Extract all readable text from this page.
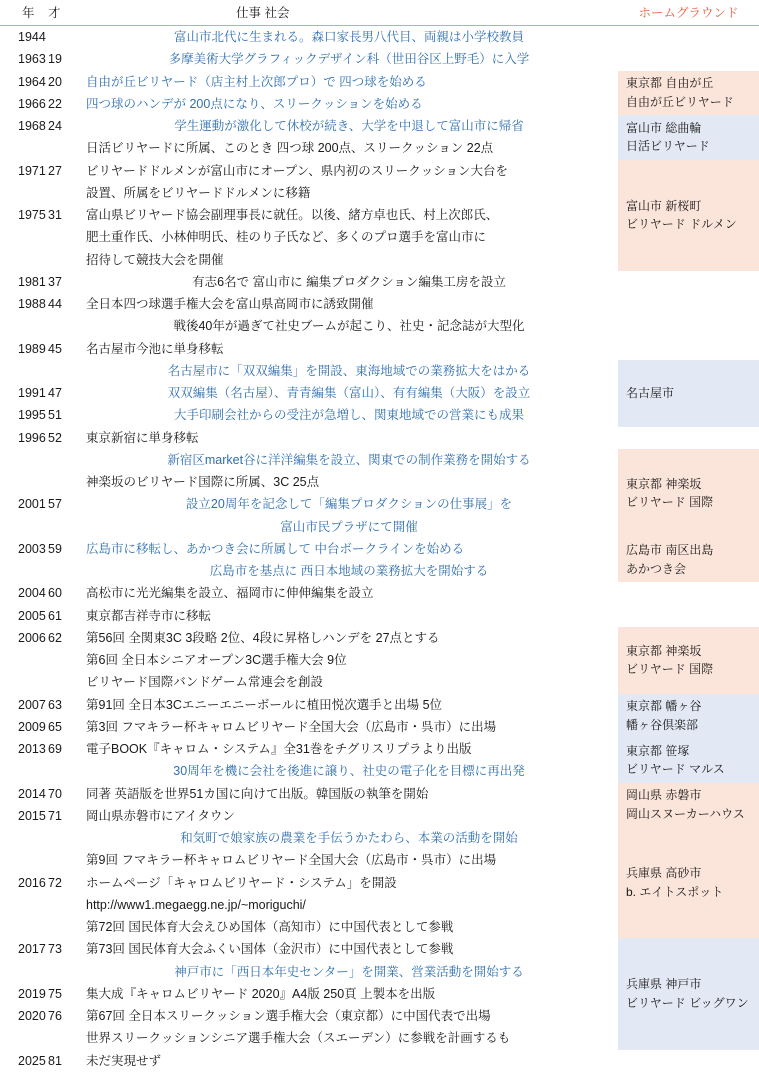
年	才	仕事 社会	ホームグラウンド
1944		富山市北代に生まれる。森口家長男八代目、両親は小学校教員	

1963	19	多摩美術大学グラフィックデザイン科（世田谷区上野毛）に入学	
1964	20	自由が丘ビリヤード（店主村上次郎プロ）で 四つ球を始める	東京都 自由が丘
自由が丘ビリヤード

1966	22	四つ球のハンデが 200点になり、スリークッションを始める	
1968	24	学生運動が激化して休校が続き、大学を中退して富山市に帰省	富山市 総曲輪
日活ビリヤード

		日活ビリヤードに所属、このとき 四つ球 200点、スリークッション 22点	
1971	27	ビリヤードドルメンが富山市にオープン、県内初のスリークッション大台を	富山市 新桜町
ビリヤード ドルメン

		設置、所属をビリヤードドルメンに移籍	
1975	31	富山県ビリヤード協会副理事長に就任。以後、緒方卓也氏、村上次郎氏、	
		肥土重作氏、小林伸明氏、桂のり子氏など、多くのプロ選手を富山市に	
		招待して競技大会を開催	
1981	37	有志6名で 富山市に 編集プロダクション編集工房を設立	

1988	44	全日本四つ球選手権大会を富山県高岡市に誘致開催	
		戦後40年が過ぎて社史ブームが起こり、社史・記念誌が大型化	
1989	45	名古屋市今池に単身移転	
		名古屋市に「双双編集」を開設、東海地域での業務拡大をはかる	名古屋市

1991	47	双双編集（名古屋）、青青編集（富山）、有有編集（大阪）を設立	
1995	51	大手印刷会社からの受注が急増し、関東地域での営業にも成果	
1996	52	東京新宿に単身移転	

		新宿区market谷に洋洋編集を設立、関東での制作業務を開始する	東京都 神楽坂
ビリヤード 国際

		神楽坂のビリヤード国際に所属、3C 25点	
2001	57	設立20周年を記念して「編集プロダクションの仕事展」を	
		富山市民プラザにて開催	
2003	59	広島市に移転し、あかつき会に所属して 中台ボークラインを始める	広島市 南区出島
あかつき会

		広島市を基点に 西日本地域の業務拡大を開始する	
2004	60	高松市に光光編集を設立、福岡市に伸伸編集を設立	

2005	61	東京都吉祥寺市に移転	
2006	62	第56回 全関東3C 3段略 2位、4段に昇格しハンデを 27点とする	東京都 神楽坂
ビリヤード 国際

		第6回 全日本シニアオープン3C選手権大会 9位	
		ビリヤード国際バンドゲーム常連会を創設	
2007	63	第91回 全日本3Cエニーエニーボールに植田悦次選手と出場 5位	東京都 幡ヶ谷
幡ヶ谷倶楽部

2009	65	第3回 フマキラー杯キャロムビリヤード全国大会（広島市・呉市）に出場	
2013	69	電子BOOK『キャロム・システム』全31巻をチグリスリプラより出版	東京都 笹塚
ビリヤード マルス

		30周年を機に会社を後進に譲り、社史の電子化を目標に再出発	
2014	70	同著 英語版を世界51カ国に向けて出版。韓国版の執筆を開始	岡山県 赤磐市
岡山スヌーカーハウス

2015	71	岡山県赤磐市にアイタウン	
		和気町で娘家族の農業を手伝うかたわら、本業の活動を開始	兵庫県 高砂市
b. エイトスポット

		第9回 フマキラー杯キャロムビリヤード全国大会（広島市・呉市）に出場	
2016	72	ホームページ「キャロムビリヤード・システム」を開設	
		http://www1.megaegg.ne.jp/~moriguchi/	
		第72回 国民体育大会えひめ国体（高知市）に中国代表として参戦	
2017	73	第73回 国民体育大会ふくい国体（金沢市）に中国代表として参戦	兵庫県 神戸市
ビリヤード ビッグワン

		神戸市に「西日本年史センター」を開業、営業活動を開始する	
2019	75	集大成『キャロムビリヤード 2020』A4版 250頁 上製本を出版	
2020	76	第67回 全日本スリークッション選手権大会（東京都）に中国代表で出場	
		世界スリークッションシニア選手権大会（スエーデン）に参戦を計画するも	
2025	81	未だ実現せず	
